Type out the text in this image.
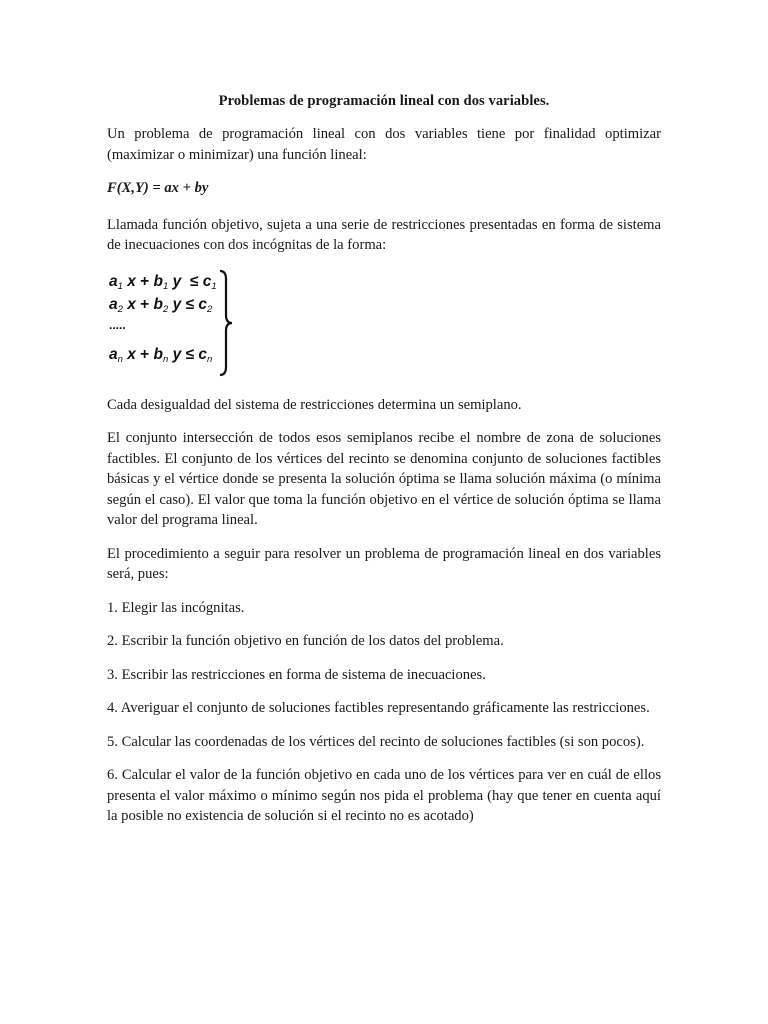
Problemas de programación lineal con dos variables.

Un problema de programación lineal con dos variables tiene por finalidad optimizar (maximizar o minimizar) una función lineal:

F(X,Y) = ax + by

Llamada función objetivo, sujeta a una serie de restricciones presentadas en forma de sistema de inecuaciones con dos incógnitas de la forma:

$a_1$ $x + b_1$ $y \le c_1$
$a_2$ $x + b_2$ $y \le c_2$
.....
$a_n$ $x + b_n$ $y \le c_n$

Cada desigualdad del sistema de restricciones determina un semiplano.

El conjunto intersección de todos esos semiplanos recibe el nombre de zona de soluciones factibles. El conjunto de los vértices del recinto se denomina conjunto de soluciones factibles básicas y el vértice donde se presenta la solución óptima se llama solución máxima (o mínima según el caso). El valor que toma la función objetivo en el vértice de solución óptima se llama valor del programa lineal.

El procedimiento a seguir para resolver un problema de programación lineal en dos variables será, pues:

1. Elegir las incógnitas.

2. Escribir la función objetivo en función de los datos del problema.

3. Escribir las restricciones en forma de sistema de inecuaciones.

4. Averiguar el conjunto de soluciones factibles representando gráficamente las restricciones.

5. Calcular las coordenadas de los vértices del recinto de soluciones factibles (si son pocos).

6. Calcular el valor de la función objetivo en cada uno de los vértices para ver en cuál de ellos presenta el valor máximo o mínimo según nos pida el problema (hay que tener en cuenta aquí la posible no existencia de solución si el recinto no es acotado)
